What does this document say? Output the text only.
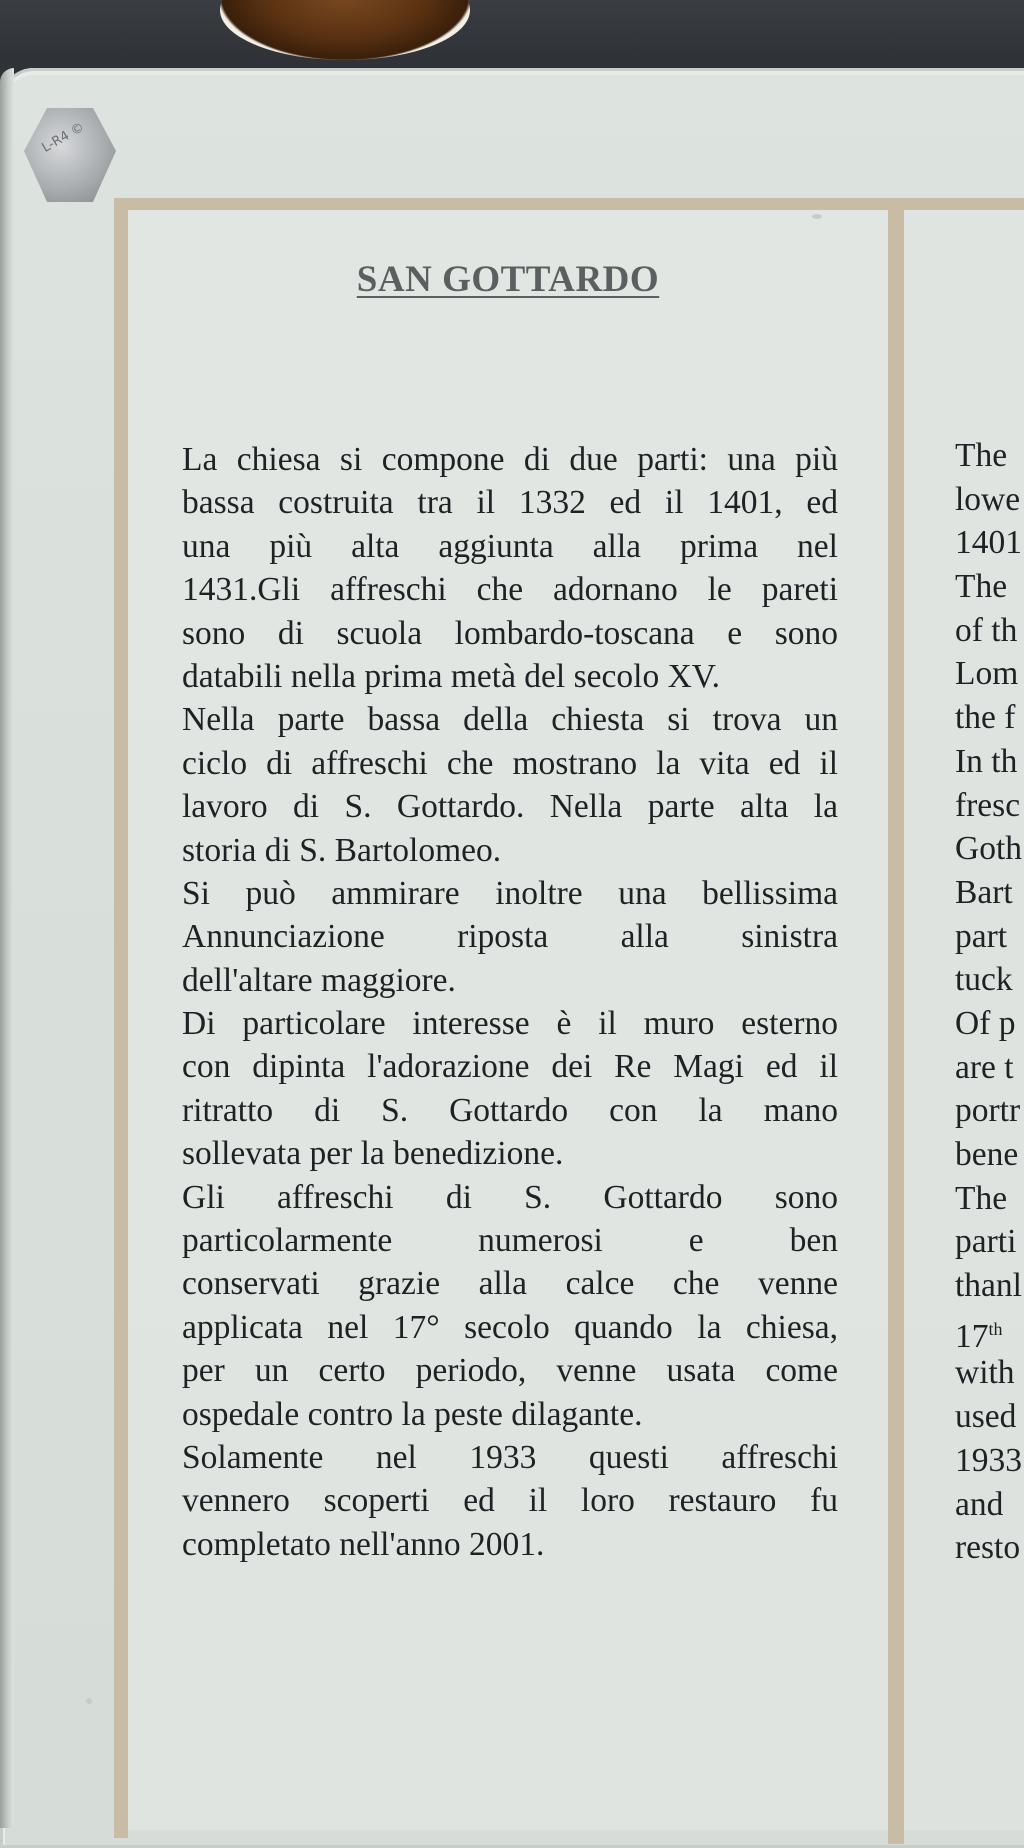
L-R4 ©
SAN GOTTARDO
La chiesa si compone di due parti: una più
bassa costruita tra il 1332 ed il 1401, ed
una più alta aggiunta alla prima nel
1431.Gli affreschi che adornano le pareti
sono di scuola lombardo-toscana e sono
databili nella prima metà del secolo XV.
Nella parte bassa della chiesta si trova un
ciclo di affreschi che mostrano la vita ed il
lavoro di S. Gottardo. Nella parte alta la
storia di S. Bartolomeo.
Si può ammirare inoltre una bellissima
Annunciazione riposta alla sinistra
dell'altare maggiore.
Di particolare interesse è il muro esterno
con dipinta l'adorazione dei Re Magi ed il
ritratto di S. Gottardo con la mano
sollevata per la benedizione.
Gli affreschi di S. Gottardo sono
particolarmente numerosi e ben
conservati grazie alla calce che venne
applicata nel 17° secolo quando la chiesa,
per un certo periodo, venne usata come
ospedale contro la peste dilagante.
Solamente nel 1933 questi affreschi
vennero scoperti ed il loro restauro fu
completato nell'anno 2001.
The
lowe
1401
The
of th
Lom
the f
In th
fresc
Goth
Bart
part
tuck
Of p
are t
portr
bene
The
parti
thanl
17th
with
used
1933
and
resto
